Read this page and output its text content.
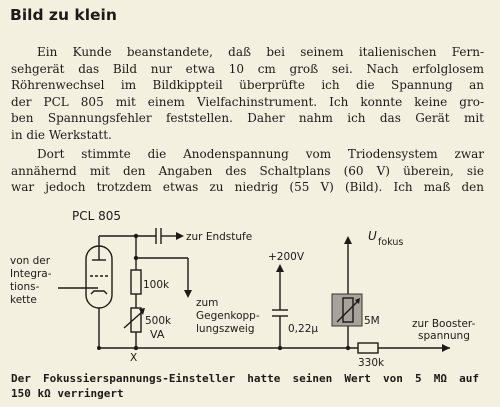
Bild zu klein
Ein Kunde beanstandete, daß bei seinem italienischen Fern-
sehgerät das Bild nur etwa 10 cm groß sei. Nach erfolglosem
Röhrenwechsel im Bildkippteil überprüfte ich die Spannung an
der PCL 805 mit einem Vielfachinstrument. Ich konnte keine gro-
ben Spannungsfehler feststellen. Daher nahm ich das Gerät mit
in die Werkstatt.
Dort stimmte die Anodenspannung vom Triodensystem zwar
annähernd mit den Angaben des Schaltplans (60 V) überein, sie
war jedoch trotzdem etwas zu niedrig (55 V) (Bild). Ich maß den
PCL 805
von der
Integra-
tions-
kette
zur Endstufe
100k
500k
VA
X
zum
Gegenkopp-
lungszweig
+200V
0,22µ
U fokus
5M	zur Booster-
spannung
330k
Der Fokussierspannungs-Einsteller hatte seinen Wert von 5 MΩ auf
150 kΩ verringert
